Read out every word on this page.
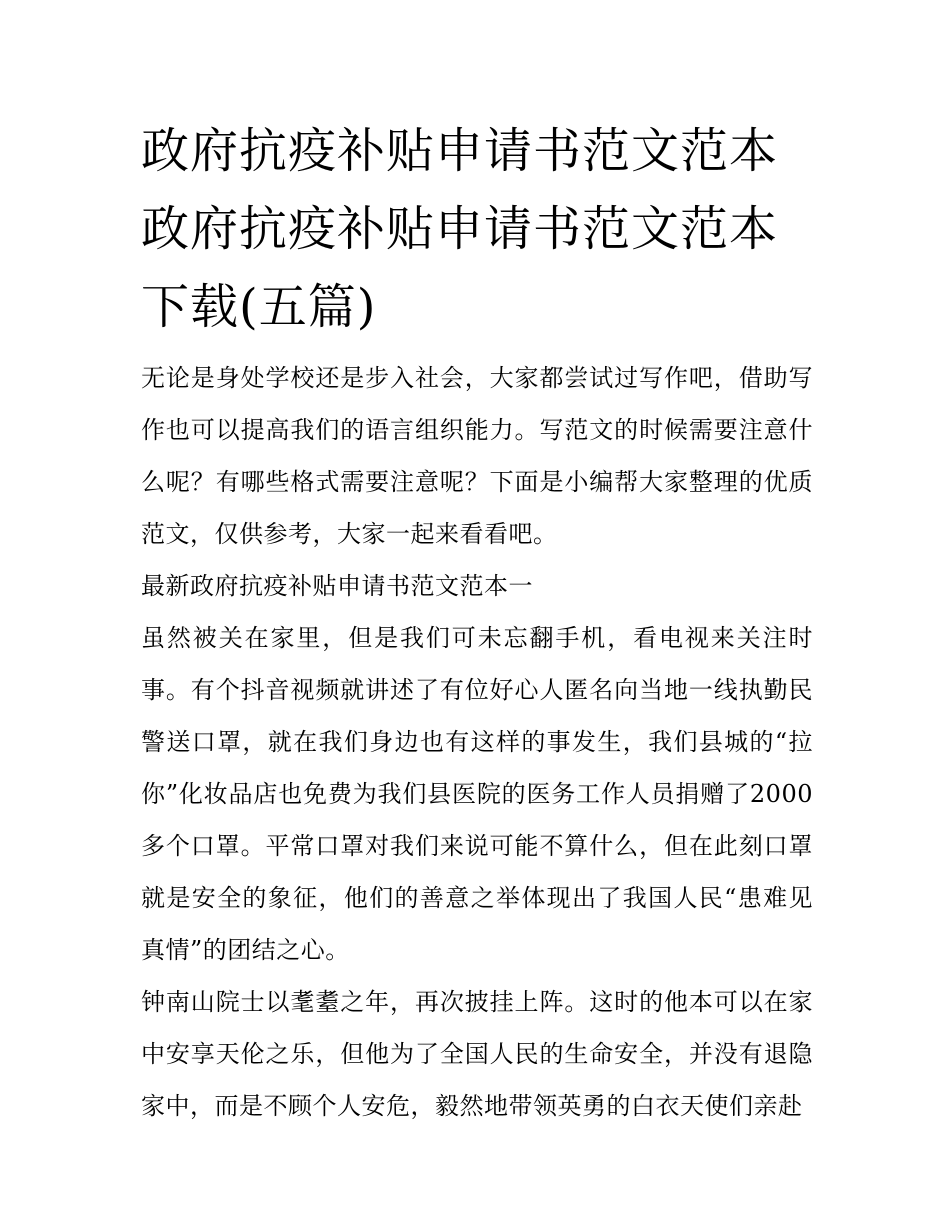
政府抗疫补贴申请书范文范本
政府抗疫补贴申请书范文范本
下载(五篇)

无论是身处学校还是步入社会，大家都尝试过写作吧，借助写作也可以提高我们的语言组织能力。写范文的时候需要注意什么呢？有哪些格式需要注意呢？下面是小编帮大家整理的优质范文，仅供参考，大家一起来看看吧。

最新政府抗疫补贴申请书范文范本一

虽然被关在家里，但是我们可未忘翻手机，看电视来关注时事。有个抖音视频就讲述了有位好心人匿名向当地一线执勤民警送口罩，就在我们身边也有这样的事发生，我们县城的“拉你”化妆品店也免费为我们县医院的医务工作人员捐赠了2000多个口罩。平常口罩对我们来说可能不算什么，但在此刻口罩就是安全的象征，他们的善意之举体现出了我国人民“患难见真情”的团结之心。

钟南山院士以耄耋之年，再次披挂上阵。这时的他本可以在家中安享天伦之乐，但他为了全国人民的生命安全，并没有退隐家中，而是不顾个人安危，毅然地带领英勇的白衣天使们亲赴
